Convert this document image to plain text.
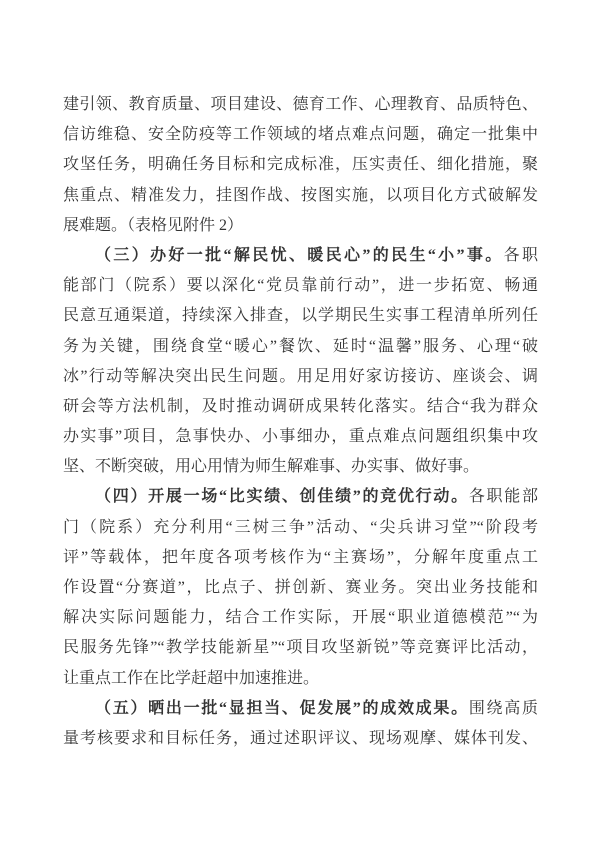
建引领、教育质量、项目建设、德育工作、心理教育、品质特色、
信访维稳、安全防疫等工作领域的堵点难点问题，确定一批集中
攻坚任务，明确任务目标和完成标准，压实责任、细化措施，聚
焦重点、精准发力，挂图作战、按图实施，以项目化方式破解发
展难题。（表格见附件 2）
（三）办好一批“解民忧、暖民心”的民生“小”事。各职
能部门（院系）要以深化“党员靠前行动”，进一步拓宽、畅通
民意互通渠道，持续深入排查，以学期民生实事工程清单所列任
务为关键，围绕食堂“暖心”餐饮、延时“温馨”服务、心理“破
冰”行动等解决突出民生问题。用足用好家访接访、座谈会、调
研会等方法机制，及时推动调研成果转化落实。结合“我为群众
办实事”项目，急事快办、小事细办，重点难点问题组织集中攻
坚、不断突破，用心用情为师生解难事、办实事、做好事。
（四）开展一场“比实绩、创佳绩”的竞优行动。各职能部
门（院系）充分利用“三树三争”活动、“尖兵讲习堂”“阶段考
评”等载体，把年度各项考核作为“主赛场”，分解年度重点工
作设置“分赛道”，比点子、拼创新、赛业务。突出业务技能和
解决实际问题能力，结合工作实际，开展“职业道德模范”“为
民服务先锋”“教学技能新星”“项目攻坚新锐”等竞赛评比活动，
让重点工作在比学赶超中加速推进。
（五）晒出一批“显担当、促发展”的成效成果。围绕高质
量考核要求和目标任务，通过述职评议、现场观摩、媒体刊发、
